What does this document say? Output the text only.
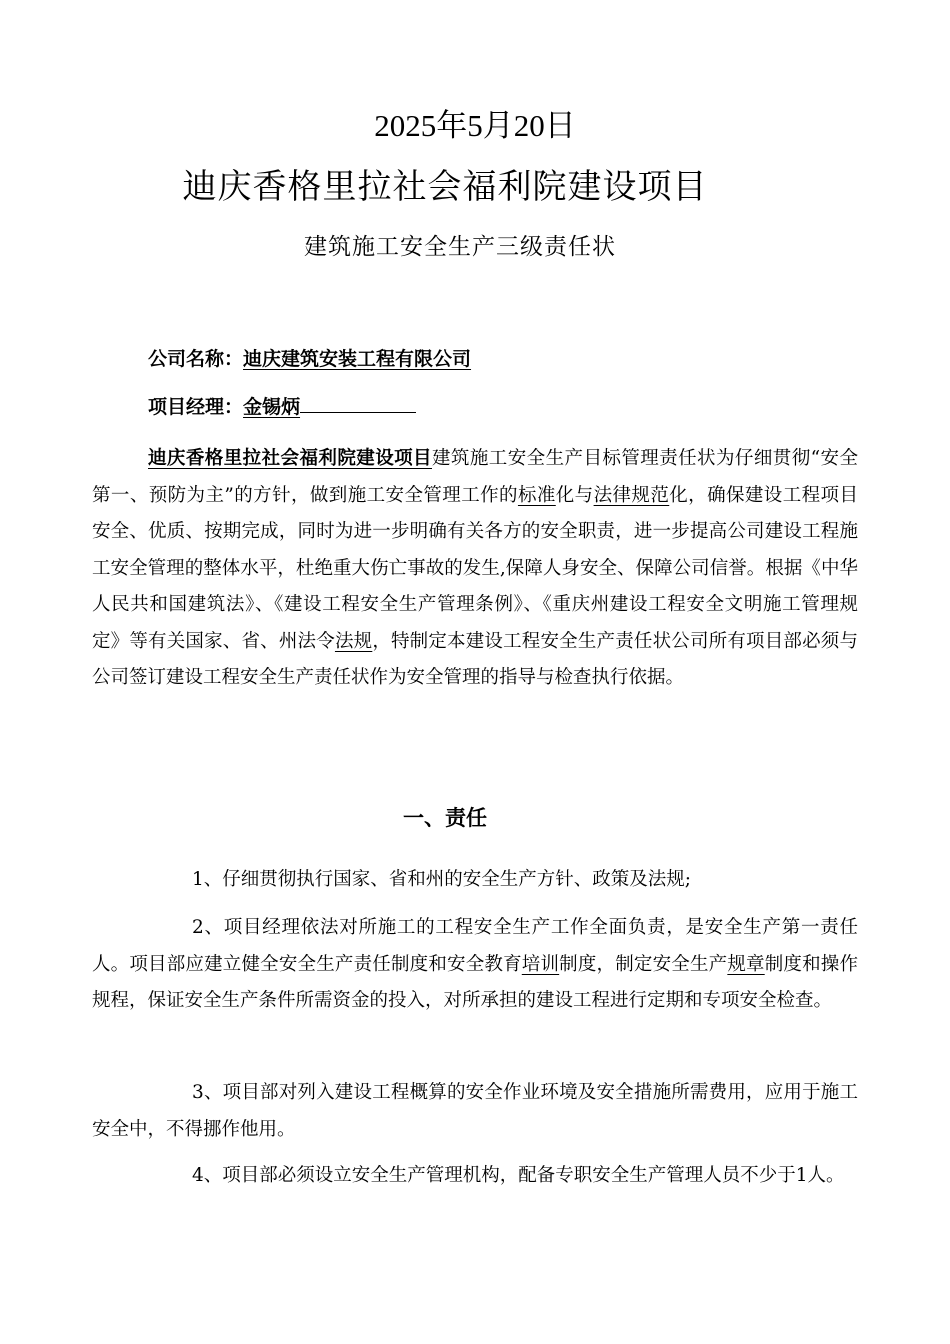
2025年5月20日
迪庆香格里拉社会福利院建设项目
建筑施工安全生产三级责任状
公司名称：迪庆建筑安装工程有限公司
项目经理：金锡炳

迪庆香格里拉社会福利院建设项目建筑施工安全生产目标管理责任状为仔细贯彻“安全第一、预防为主”的方针，做到施工安全管理工作的标准化与法律规范化，确保建设工程项目安全、优质、按期完成，同时为进一步明确有关各方的安全职责，进一步提高公司建设工程施工安全管理的整体水平，杜绝重大伤亡事故的发生,保障人身安全、保障公司信誉。根据《中华人民共和国建筑法》、《建设工程安全生产管理条例》、《重庆州建设工程安全文明施工管理规定》等有关国家、省、州法令法规，特制定本建设工程安全生产责任状公司所有项目部必须与公司签订建设工程安全生产责任状作为安全管理的指导与检查执行依据。

一、责任

1、仔细贯彻执行国家、省和州的安全生产方针、政策及法规;

2、项目经理依法对所施工的工程安全生产工作全面负责，是安全生产第一责任人。项目部应建立健全安全生产责任制度和安全教育培训制度，制定安全生产规章制度和操作规程，保证安全生产条件所需资金的投入，对所承担的建设工程进行定期和专项安全检查。

3、项目部对列入建设工程概算的安全作业环境及安全措施所需费用，应用于施工安全中，不得挪作他用。

4、项目部必须设立安全生产管理机构，配备专职安全生产管理人员不少于1人。
